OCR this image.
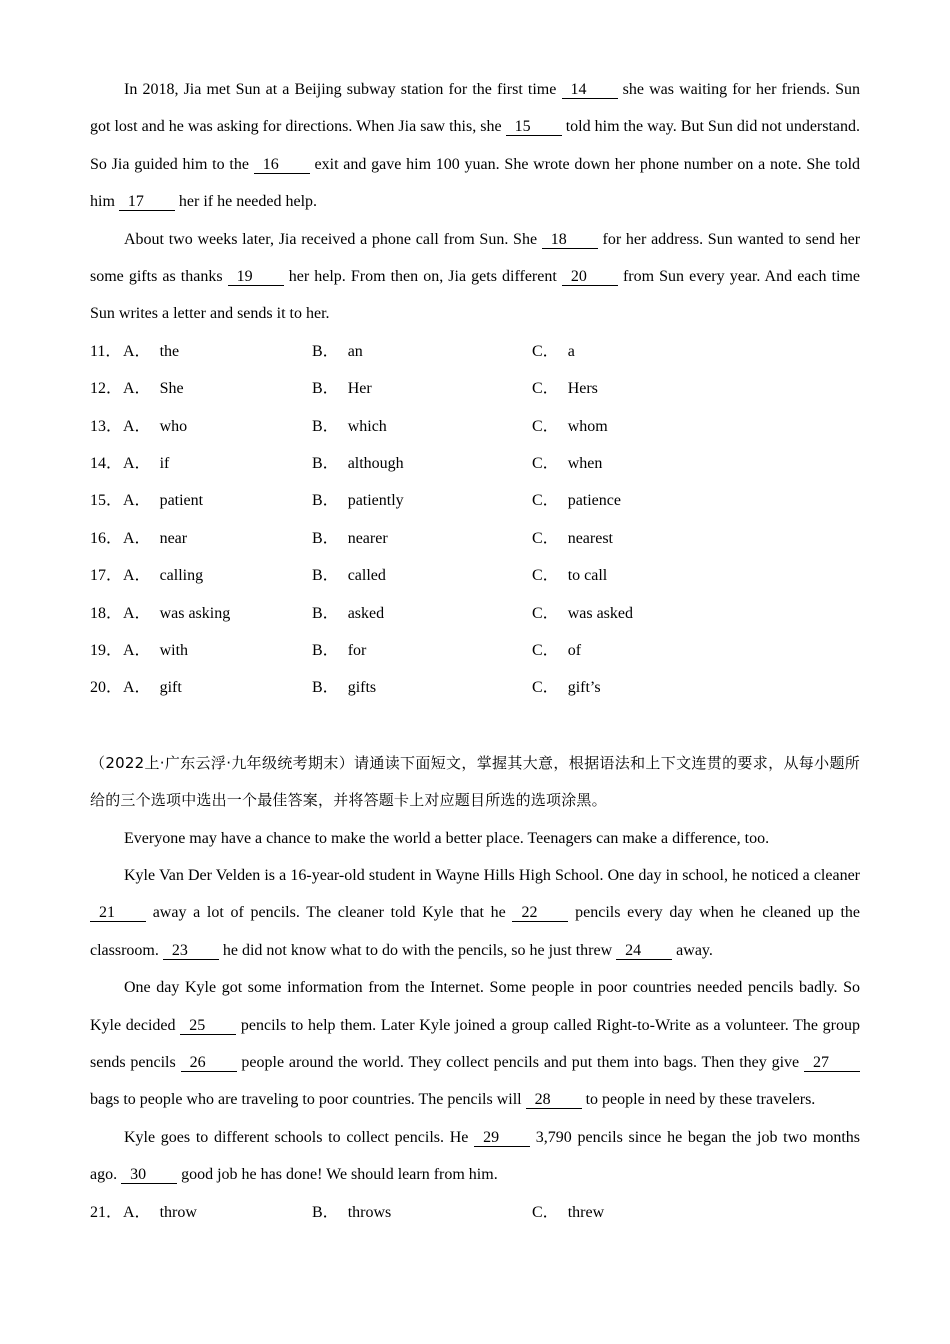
In 2018, Jia met Sun at a Beijing subway station for the first time 14 she was waiting for her friends. Sun got lost and he was asking for directions. When Jia saw this, she 15 told him the way. But Sun did not understand. So Jia guided him to the 16 exit and gave him 100 yuan. She wrote down her phone number on a note. She told him 17 her if he needed help.

About two weeks later, Jia received a phone call from Sun. She 18 for her address. Sun wanted to send her some gifts as thanks 19 her help. From then on, Jia gets different 20 from Sun every year. And each time Sun writes a letter and sends it to her.

11． A． the	B． an	C． a
12． A． She	B． Her	C． Hers
13． A． who	B． which	C． whom
14． A． if	B． although	C． when
15． A． patient	B． patiently	C． patience
16． A． near	B． nearer	C． nearest
17． A． calling	B． called	C． to call
18． A． was asking	B． asked	C． was asked
19． A． with	B． for	C． of
20． A． gift	B． gifts	C． gift’s

（2022上·广东云浮·九年级统考期末）请通读下面短文，掌握其大意，根据语法和上下文连贯的要求，从每小题所给的三个选项中选出一个最佳答案，并将答题卡上对应题目所选的选项涂黑。

Everyone may have a chance to make the world a better place. Teenagers can make a difference, too.

Kyle Van Der Velden is a 16-year-old student in Wayne Hills High School. One day in school, he noticed a cleaner 21 away a lot of pencils. The cleaner told Kyle that he 22 pencils every day when he cleaned up the classroom. 23 he did not know what to do with the pencils, so he just threw 24 away.

One day Kyle got some information from the Internet. Some people in poor countries needed pencils badly. So Kyle decided 25 pencils to help them. Later Kyle joined a group called Right-to-Write as a volunteer. The group sends pencils 26 people around the world. They collect pencils and put them into bags. Then they give 27 bags to people who are traveling to poor countries. The pencils will 28 to people in need by these travelers.

Kyle goes to different schools to collect pencils. He 29 3,790 pencils since he began the job two months ago. 30 good job he has done! We should learn from him.

21． A． throw	B． throws	C． threw
